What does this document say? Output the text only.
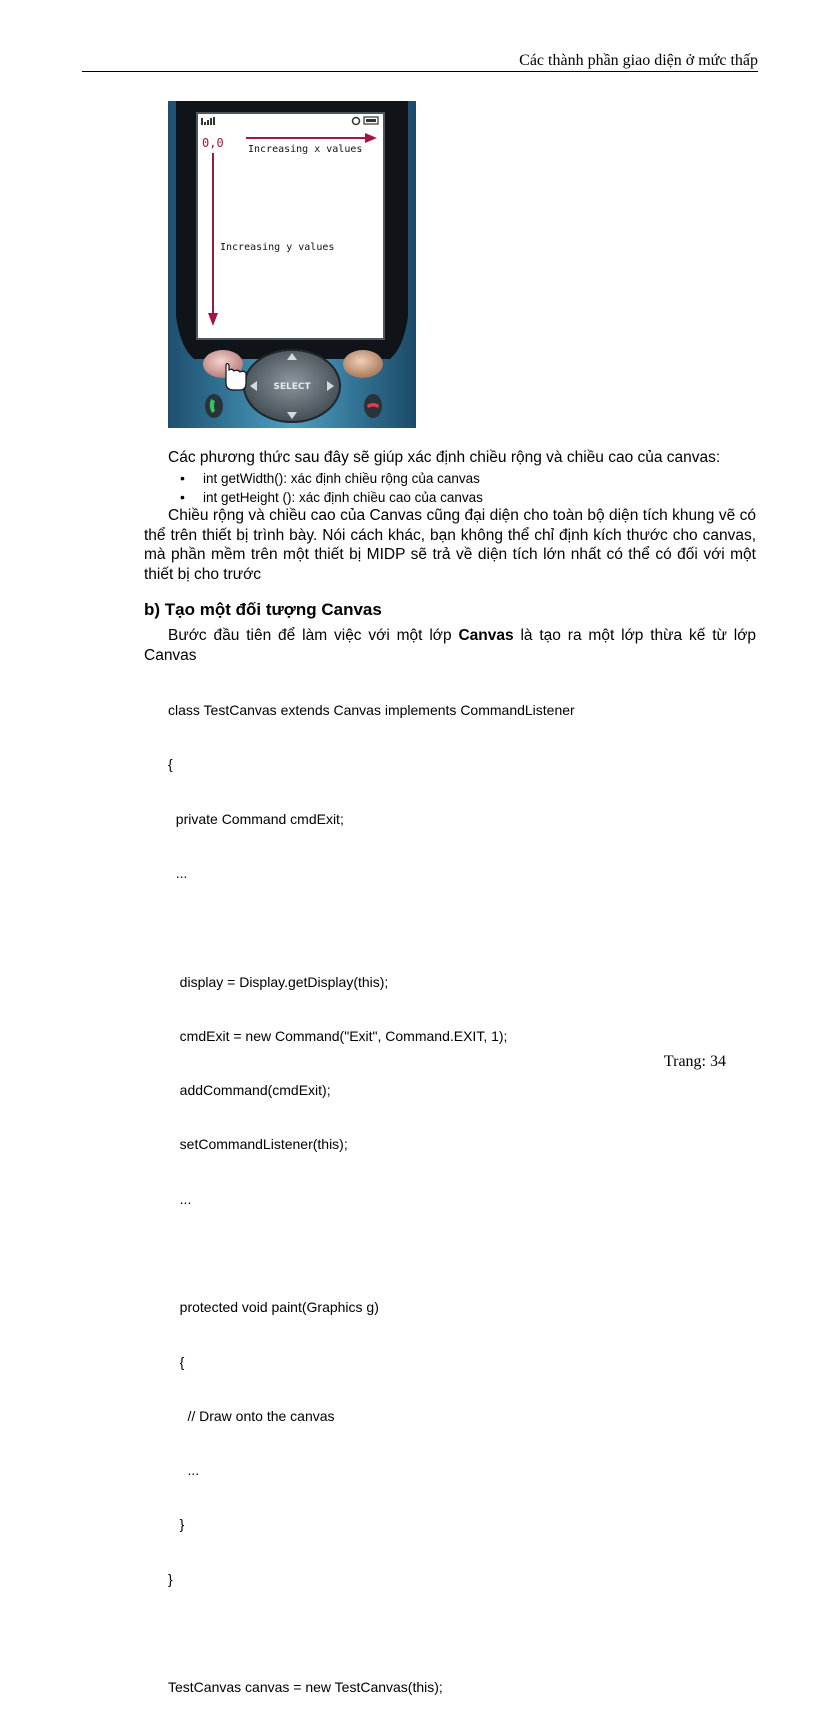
Các thành phần giao diện ở mức thấp
0,0 Increasing x values
Increasing y values
SELECT
Các phương thức sau đây sẽ giúp xác định chiều rộng và chiều cao của canvas:
• int getWidth(): xác định chiều rộng của canvas
• int getHeight (): xác định chiều cao của canvas
Chiều rộng và chiều cao của Canvas cũng đại diện cho toàn bộ diện tích khung vẽ có thể trên thiết bị trình bày. Nói cách khác, bạn không thể chỉ định kích thước cho canvas, mà phần mềm trên một thiết bị MIDP sẽ trả về diện tích lớn nhất có thể có đối với một thiết bị cho trước
b) Tạo một đối tượng Canvas
Bước đầu tiên để làm việc với một lớp Canvas là tạo ra một lớp thừa kế từ lớp Canvas

class TestCanvas extends Canvas implements CommandListener

{

private Command cmdExit;

...

display = Display.getDisplay(this);

cmdExit = new Command("Exit", Command.EXIT, 1);

addCommand(cmdExit);

setCommandListener(this);

...

protected void paint(Graphics g)

{

// Draw onto the canvas

...

}

}

TestCanvas canvas = new TestCanvas(this);

Trang: 34
